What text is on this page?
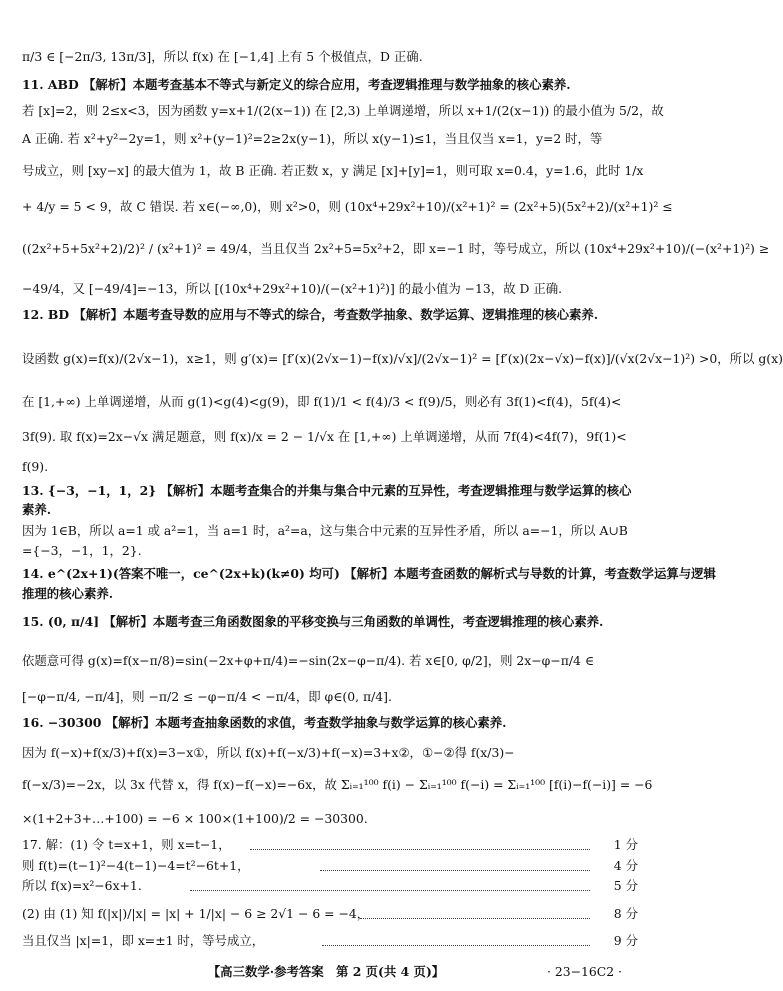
π/3 ∈ [−2π/3, 13π/3]，所以 f(x) 在 [−1,4] 上有 5 个极值点，D 正确.
11. ABD 【解析】本题考查基本不等式与新定义的综合应用，考查逻辑推理与数学抽象的核心素养.
若 [x]=2，则 2≤x<3，因为函数 y=x+1/(2(x−1)) 在 [2,3) 上单调递增，所以 x+1/(2(x−1)) 的最小值为 5/2，故
A 正确. 若 x²+y²−2y=1，则 x²+(y−1)²=2≥2x(y−1)，所以 x(y−1)≤1，当且仅当 x=1，y=2 时，等
号成立，则 [xy−x] 的最大值为 1，故 B 正确. 若正数 x，y 满足 [x]+[y]=1，则可取 x=0.4，y=1.6，此时 1/x
+ 4/y = 5 < 9，故 C 错误. 若 x∈(−∞,0)，则 x²>0，则 (10x⁴+29x²+10)/(x²+1)² = (2x²+5)(5x²+2)/(x²+1)² ≤
((2x²+5+5x²+2)/2)² / (x²+1)² = 49/4，当且仅当 2x²+5=5x²+2，即 x=−1 时，等号成立，所以 (10x⁴+29x²+10)/(−(x²+1)²) ≥
−49/4，又 [−49/4]=−13，所以 [(10x⁴+29x²+10)/(−(x²+1)²)] 的最小值为 −13，故 D 正确.
12. BD 【解析】本题考查导数的应用与不等式的综合，考查数学抽象、数学运算、逻辑推理的核心素养.
设函数 g(x)=f(x)/(2√x−1)，x≥1，则 g′(x)= [f′(x)(2√x−1)−f(x)/√x]/(2√x−1)² = [f′(x)(2x−√x)−f(x)]/(√x(2√x−1)²) >0，所以 g(x)
在 [1,+∞) 上单调递增，从而 g(1)<g(4)<g(9)，即 f(1)/1 < f(4)/3 < f(9)/5，则必有 3f(1)<f(4)，5f(4)<
3f(9). 取 f(x)=2x−√x 满足题意，则 f(x)/x = 2 − 1/√x 在 [1,+∞) 上单调递增，从而 7f(4)<4f(7)，9f(1)<
f(9).
13. {−3，−1，1，2} 【解析】本题考查集合的并集与集合中元素的互异性，考查逻辑推理与数学运算的核心
素养.
因为 1∈B，所以 a=1 或 a²=1，当 a=1 时，a²=a，这与集合中元素的互异性矛盾，所以 a=−1，所以 A∪B
={−3，−1，1，2}.
14. e^(2x+1)(答案不唯一，ce^(2x+k)(k≠0) 均可) 【解析】本题考查函数的解析式与导数的计算，考查数学运算与逻辑
推理的核心素养.
15. (0, π/4] 【解析】本题考查三角函数图象的平移变换与三角函数的单调性，考查逻辑推理的核心素养.
依题意可得 g(x)=f(x−π/8)=sin(−2x+φ+π/4)=−sin(2x−φ−π/4). 若 x∈[0, φ/2]，则 2x−φ−π/4 ∈
[−φ−π/4, −π/4]，则 −π/2 ≤ −φ−π/4 < −π/4，即 φ∈(0, π/4].
16. −30300 【解析】本题考查抽象函数的求值，考查数学抽象与数学运算的核心素养.
因为 f(−x)+f(x/3)+f(x)=3−x①，所以 f(x)+f(−x/3)+f(−x)=3+x②，①−②得 f(x/3)−
f(−x/3)=−2x，以 3x 代替 x，得 f(x)−f(−x)=−6x，故 Σᵢ₌₁¹⁰⁰ f(i) − Σᵢ₌₁¹⁰⁰ f(−i) = Σᵢ₌₁¹⁰⁰ [f(i)−f(−i)] = −6
×(1+2+3+…+100) = −6 × 100×(1+100)/2 = −30300.
17. 解：(1) 令 t=x+1，则 x=t−1，	1 分
则 f(t)=(t−1)²−4(t−1)−4=t²−6t+1，	4 分
所以 f(x)=x²−6x+1.	5 分
(2) 由 (1) 知 f(|x|)/|x| = |x| + 1/|x| − 6 ≥ 2√1 − 6 = −4，	8 分
当且仅当 |x|=1，即 x=±1 时，等号成立，	9 分
【高三数学·参考答案　第 2 页(共 4 页)】	· 23−16C2 ·
